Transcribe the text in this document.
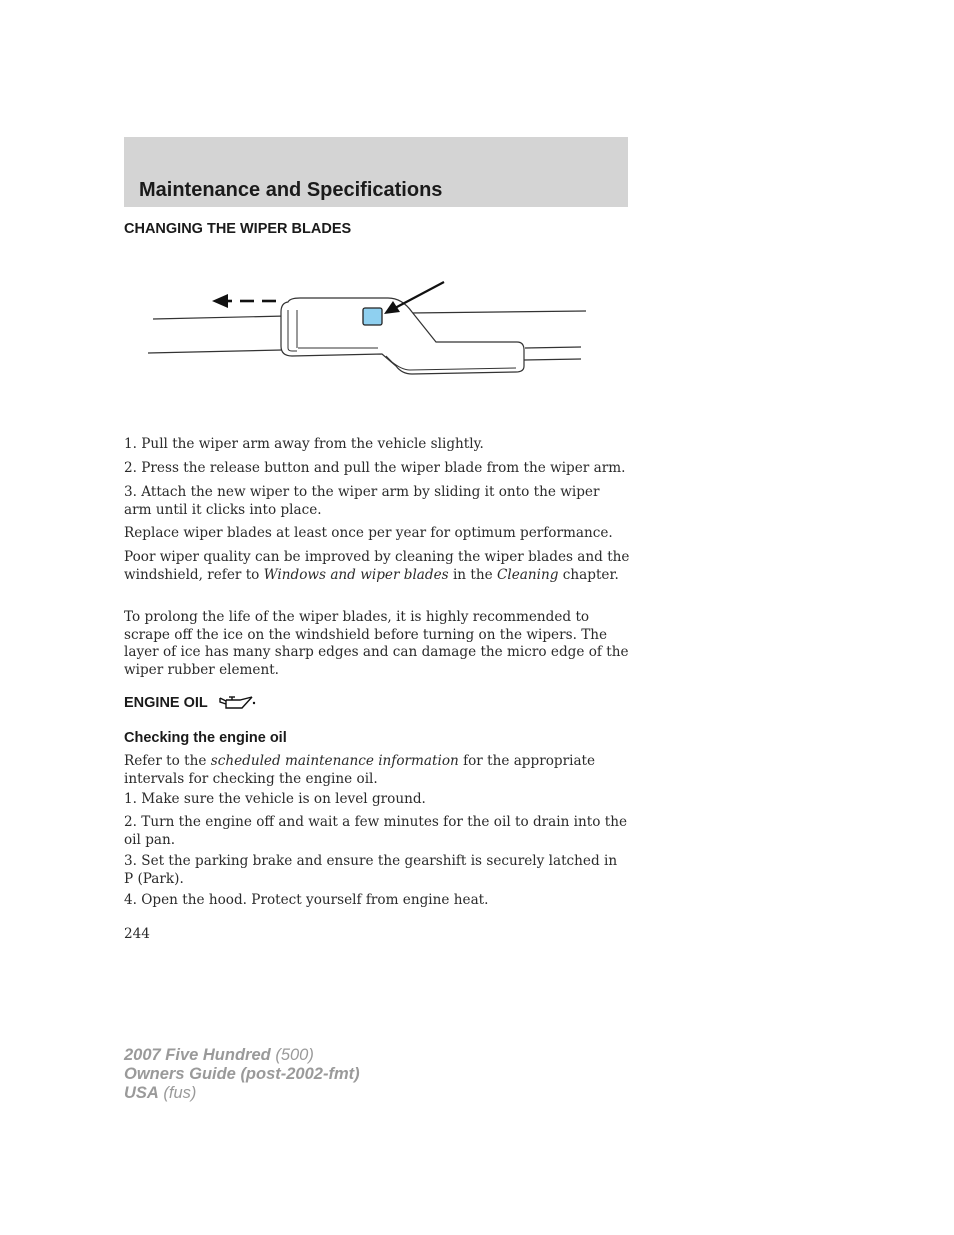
Maintenance and Specifications
CHANGING THE WIPER BLADES

1. Pull the wiper arm away from the vehicle slightly.

2. Press the release button and pull the wiper blade from the wiper arm.

3. Attach the new wiper to the wiper arm by sliding it onto the wiper arm until it clicks into place.

Replace wiper blades at least once per year for optimum performance.

Poor wiper quality can be improved by cleaning the wiper blades and the windshield, refer to Windows and wiper blades in the Cleaning chapter.

To prolong the life of the wiper blades, it is highly recommended to scrape off the ice on the windshield before turning on the wipers. The layer of ice has many sharp edges and can damage the micro edge of the wiper rubber element.

ENGINE OIL
Checking the engine oil

Refer to the scheduled maintenance information for the appropriate intervals for checking the engine oil.

1. Make sure the vehicle is on level ground.

2. Turn the engine off and wait a few minutes for the oil to drain into the oil pan.

3. Set the parking brake and ensure the gearshift is securely latched in P (Park).

4. Open the hood. Protect yourself from engine heat.

244
2007 Five Hundred (500)
Owners Guide (post-2002-fmt)
USA (fus)
